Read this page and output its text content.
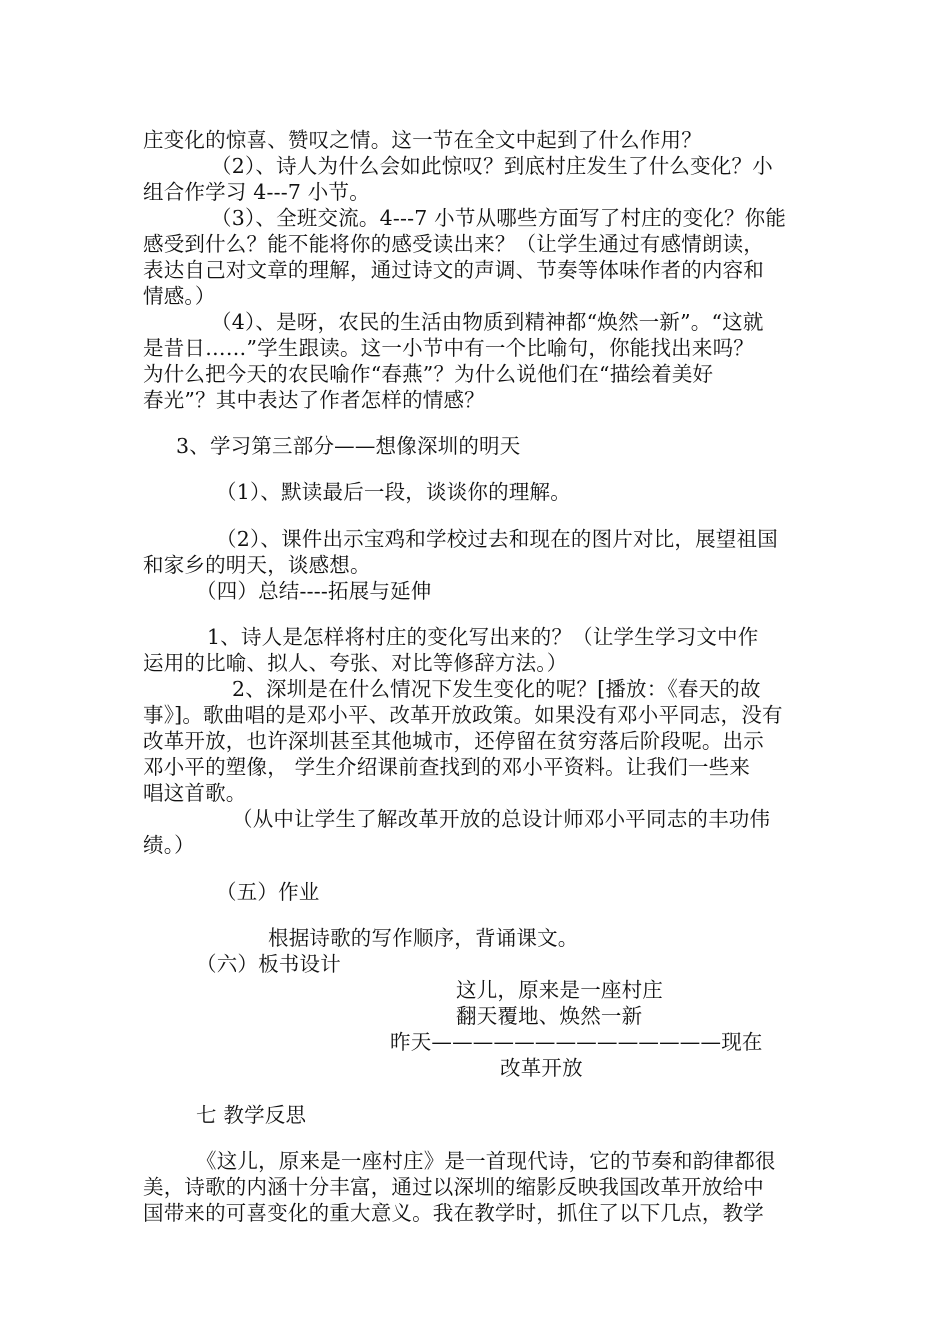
庄变化的惊喜、赞叹之情。这一节在全文中起到了什么作用？

（2）、诗人为什么会如此惊叹？到底村庄发生了什么变化？小

组合作学习 4---7 小节。

（3）、全班交流。4---7 小节从哪些方面写了村庄的变化？你能

感受到什么？能不能将你的感受读出来？（让学生通过有感情朗读，

表达自己对文章的理解，通过诗文的声调、节奏等体味作者的内容和

情感。）

（4）、是呀，农民的生活由物质到精神都“焕然一新”。“这就

是昔日……”学生跟读。这一小节中有一个比喻句，你能找出来吗？

为什么把今天的农民喻作“春燕”？为什么说他们在“描绘着美好

春光”？其中表达了作者怎样的情感？

3、学习第三部分——想像深圳的明天

（1）、默读最后一段，谈谈你的理解。

（2）、课件出示宝鸡和学校过去和现在的图片对比，展望祖国

和家乡的明天，谈感想。

（四）总结----拓展与延伸

1、诗人是怎样将村庄的变化写出来的？（让学生学习文中作

运用的比喻、拟人、夸张、对比等修辞方法。）

2、深圳是在什么情况下发生变化的呢？[播放：《春天的故

事》]。歌曲唱的是邓小平、改革开放政策。如果没有邓小平同志，没有

改革开放，也许深圳甚至其他城市，还停留在贫穷落后阶段呢。出示

邓小平的塑像， 学生介绍课前查找到的邓小平资料。让我们一些来

唱这首歌。

（从中让学生了解改革开放的总设计师邓小平同志的丰功伟

绩。）

（五）作业

根据诗歌的写作顺序，背诵课文。

（六）板书设计

这儿，原来是一座村庄

翻天覆地、焕然一新

昨天——————————————现在

改革开放

七 教学反思

《这儿，原来是一座村庄》是一首现代诗，它的节奏和韵律都很

美，诗歌的内涵十分丰富，通过以深圳的缩影反映我国改革开放给中

国带来的可喜变化的重大意义。我在教学时，抓住了以下几点，教学
